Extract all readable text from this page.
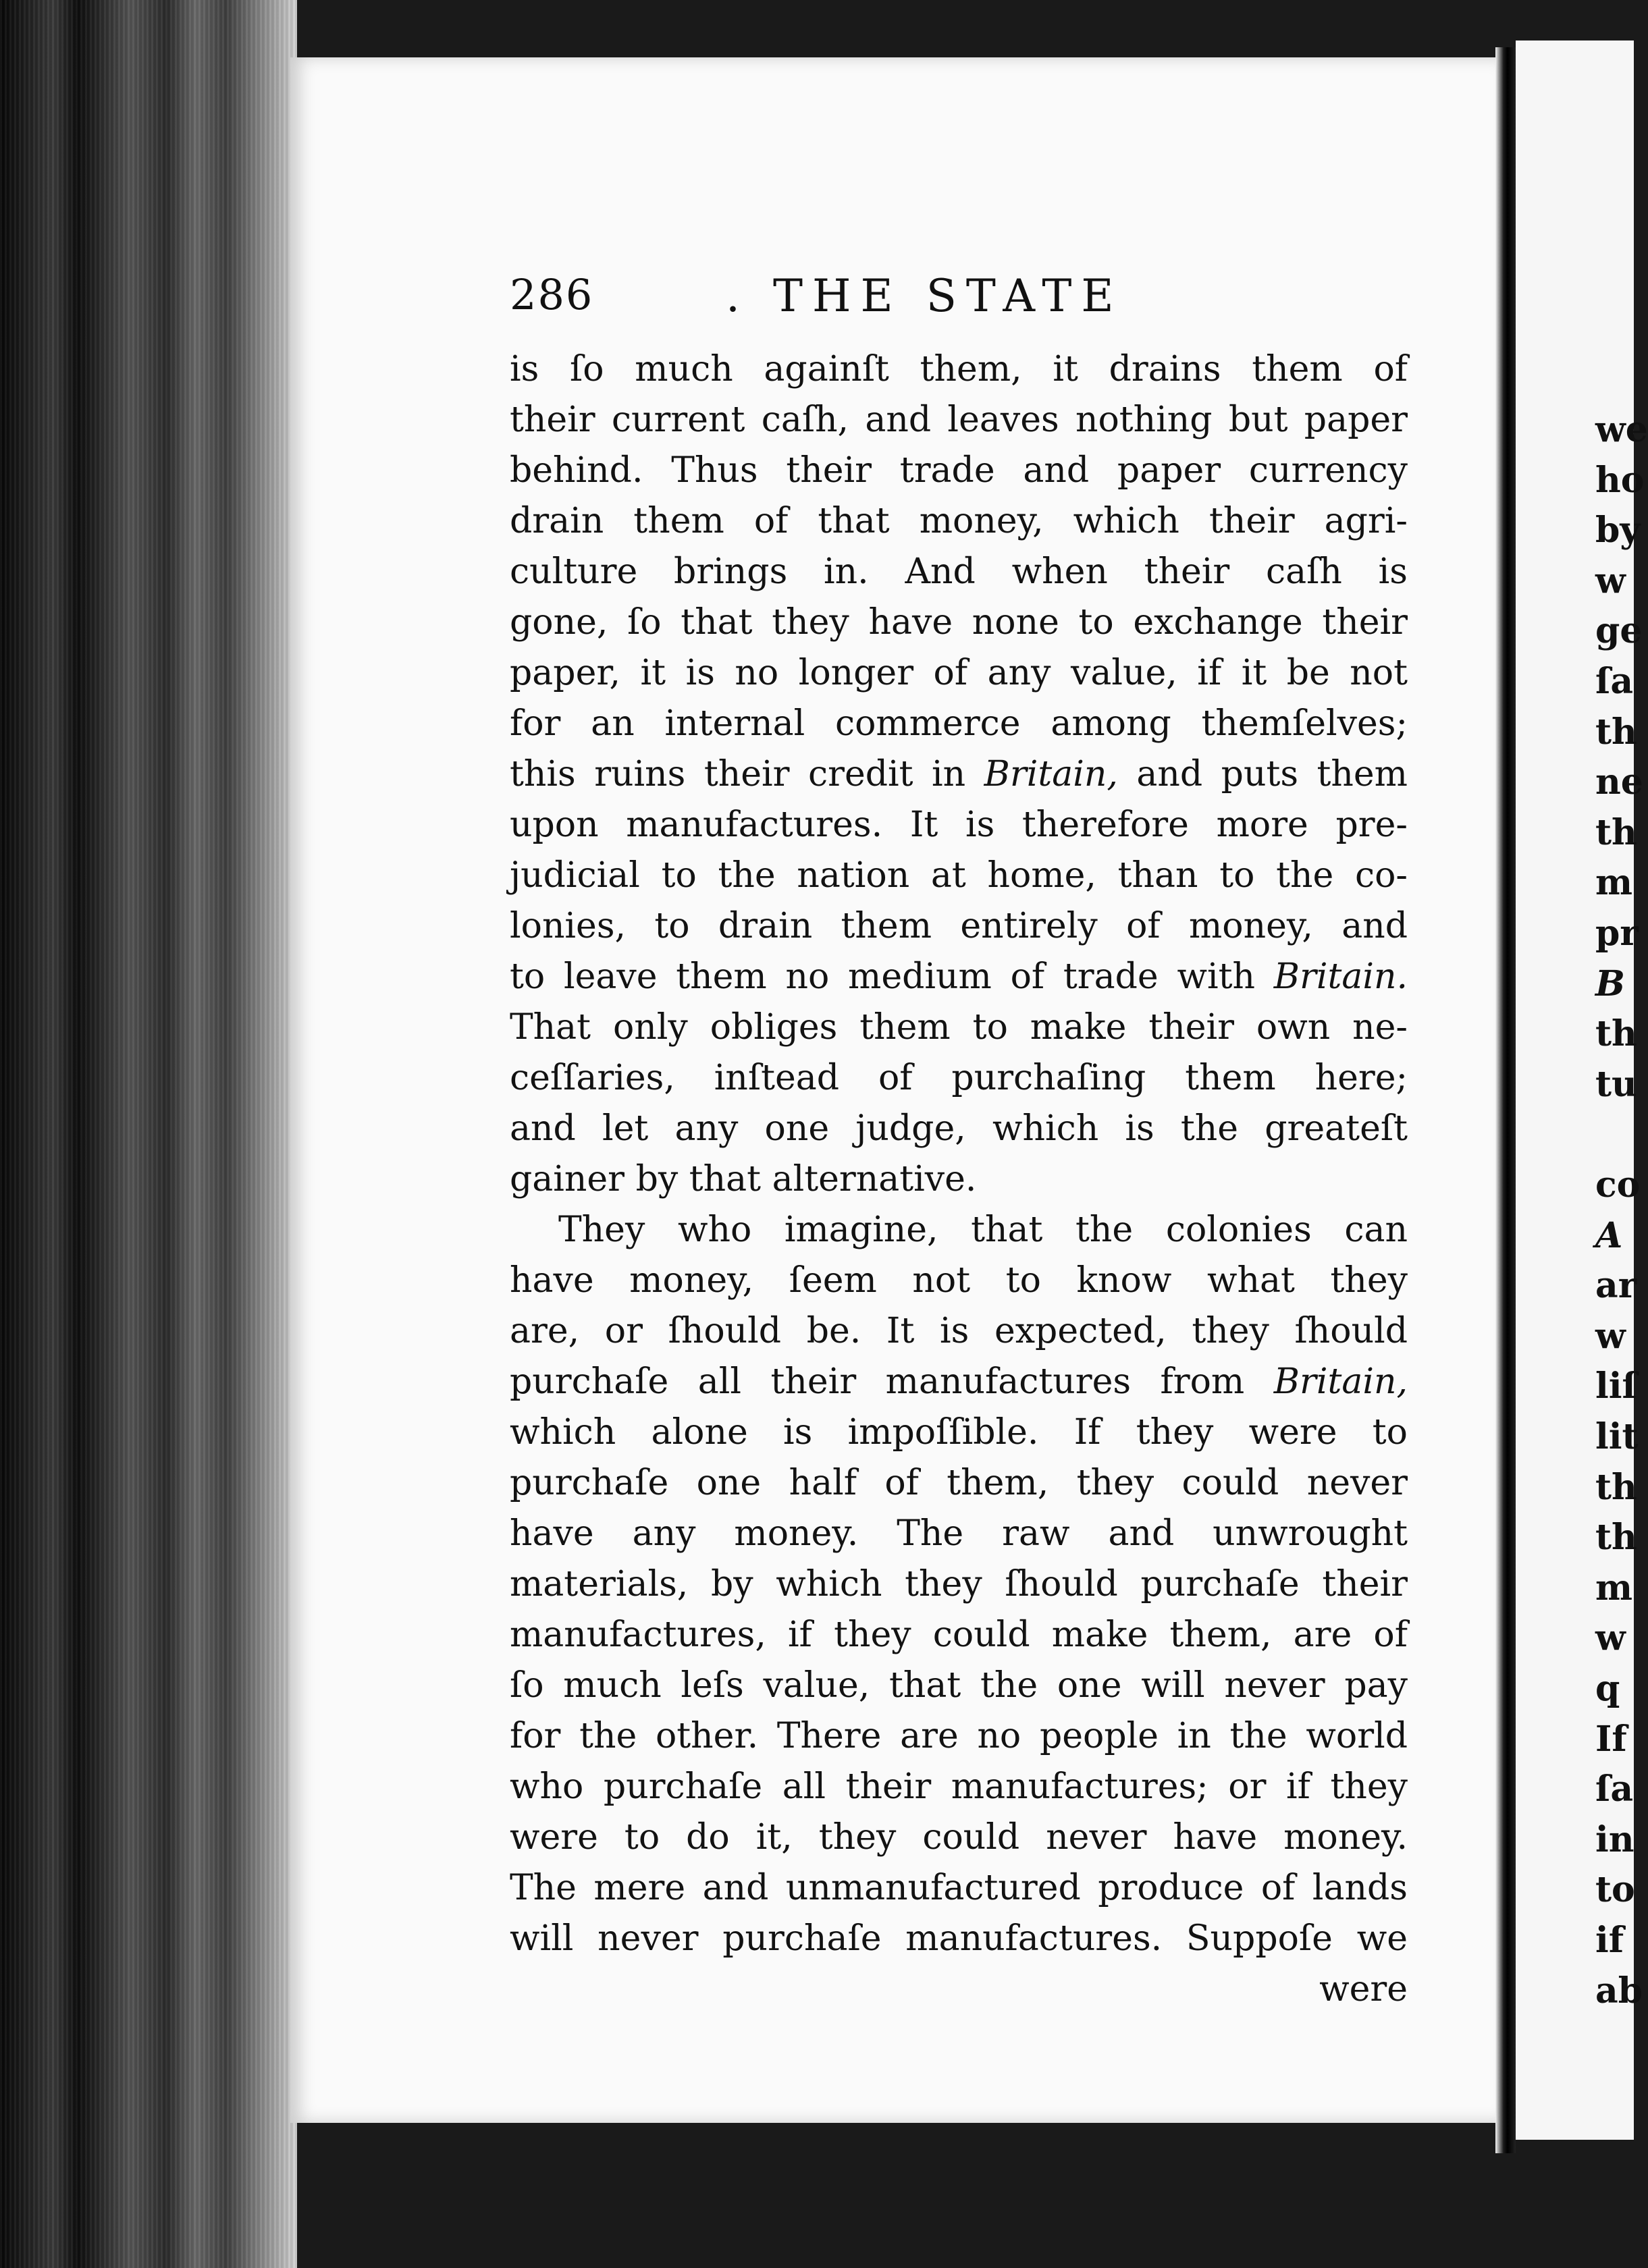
we
ho
by
w
ge
ſa
th
ne
th
m
pr
B
th
tu
co
A
ar
w
liſ
lit
th
th
m
w
q
If
ſa
in
to
if
ab
286	. THE STATE
is ſo much againſt them, it drains them of
their current caſh, and leaves nothing but paper
behind. Thus their trade and paper currency
drain them of that money, which their agri-
culture brings in. And when their caſh is
gone, ſo that they have none to exchange their
paper, it is no longer of any value, if it be not
for an internal commerce among themſelves;
this ruins their credit in Britain, and puts them
upon manufactures. It is therefore more pre-
judicial to the nation at home, than to the co-
lonies, to drain them entirely of money, and
to leave them no medium of trade with Britain.
That only obliges them to make their own ne-
ceſſaries, inſtead of purchaſing them here;
and let any one judge, which is the greateſt
gainer by that alternative.
They who imagine, that the colonies can
have money, ſeem not to know what they
are, or ſhould be. It is expected, they ſhould
purchaſe all their manufactures from Britain,
which alone is impoſſible. If they were to
purchaſe one half of them, they could never
have any money. The raw and unwrought
materials, by which they ſhould purchaſe their
manufactures, if they could make them, are of
ſo much leſs value, that the one will never pay
for the other. There are no people in the world
who purchaſe all their manufactures; or if they
were to do it, they could never have money.
The mere and unmanufactured produce of lands
will never purchaſe manufactures. Suppoſe we
were
